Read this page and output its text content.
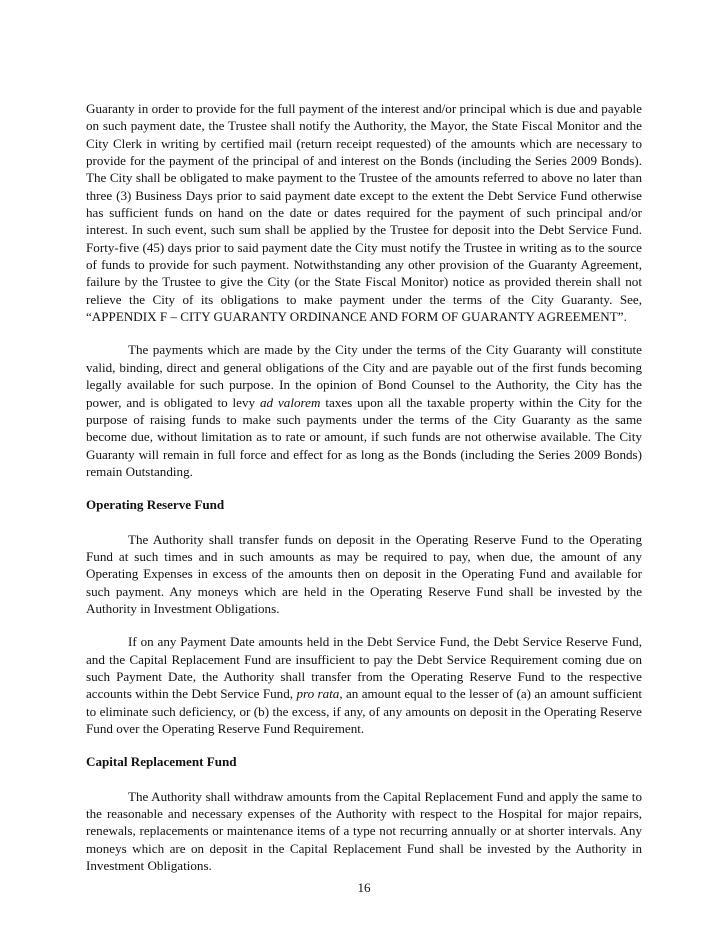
Guaranty in order to provide for the full payment of the interest and/or principal which is due and payable on such payment date, the Trustee shall notify the Authority, the Mayor, the State Fiscal Monitor and the City Clerk in writing by certified mail (return receipt requested) of the amounts which are necessary to provide for the payment of the principal of and interest on the Bonds (including the Series 2009 Bonds). The City shall be obligated to make payment to the Trustee of the amounts referred to above no later than three (3) Business Days prior to said payment date except to the extent the Debt Service Fund otherwise has sufficient funds on hand on the date or dates required for the payment of such principal and/or interest. In such event, such sum shall be applied by the Trustee for deposit into the Debt Service Fund. Forty-five (45) days prior to said payment date the City must notify the Trustee in writing as to the source of funds to provide for such payment. Notwithstanding any other provision of the Guaranty Agreement, failure by the Trustee to give the City (or the State Fiscal Monitor) notice as provided therein shall not relieve the City of its obligations to make payment under the terms of the City Guaranty. See, “APPENDIX F – CITY GUARANTY ORDINANCE AND FORM OF GUARANTY AGREEMENT”.

The payments which are made by the City under the terms of the City Guaranty will constitute valid, binding, direct and general obligations of the City and are payable out of the first funds becoming legally available for such purpose. In the opinion of Bond Counsel to the Authority, the City has the power, and is obligated to levy ad valorem taxes upon all the taxable property within the City for the purpose of raising funds to make such payments under the terms of the City Guaranty as the same become due, without limitation as to rate or amount, if such funds are not otherwise available. The City Guaranty will remain in full force and effect for as long as the Bonds (including the Series 2009 Bonds) remain Outstanding.

Operating Reserve Fund

The Authority shall transfer funds on deposit in the Operating Reserve Fund to the Operating Fund at such times and in such amounts as may be required to pay, when due, the amount of any Operating Expenses in excess of the amounts then on deposit in the Operating Fund and available for such payment. Any moneys which are held in the Operating Reserve Fund shall be invested by the Authority in Investment Obligations.

If on any Payment Date amounts held in the Debt Service Fund, the Debt Service Reserve Fund, and the Capital Replacement Fund are insufficient to pay the Debt Service Requirement coming due on such Payment Date, the Authority shall transfer from the Operating Reserve Fund to the respective accounts within the Debt Service Fund, pro rata, an amount equal to the lesser of (a) an amount sufficient to eliminate such deficiency, or (b) the excess, if any, of any amounts on deposit in the Operating Reserve Fund over the Operating Reserve Fund Requirement.

Capital Replacement Fund

The Authority shall withdraw amounts from the Capital Replacement Fund and apply the same to the reasonable and necessary expenses of the Authority with respect to the Hospital for major repairs, renewals, replacements or maintenance items of a type not recurring annually or at shorter intervals. Any moneys which are on deposit in the Capital Replacement Fund shall be invested by the Authority in Investment Obligations.

16
